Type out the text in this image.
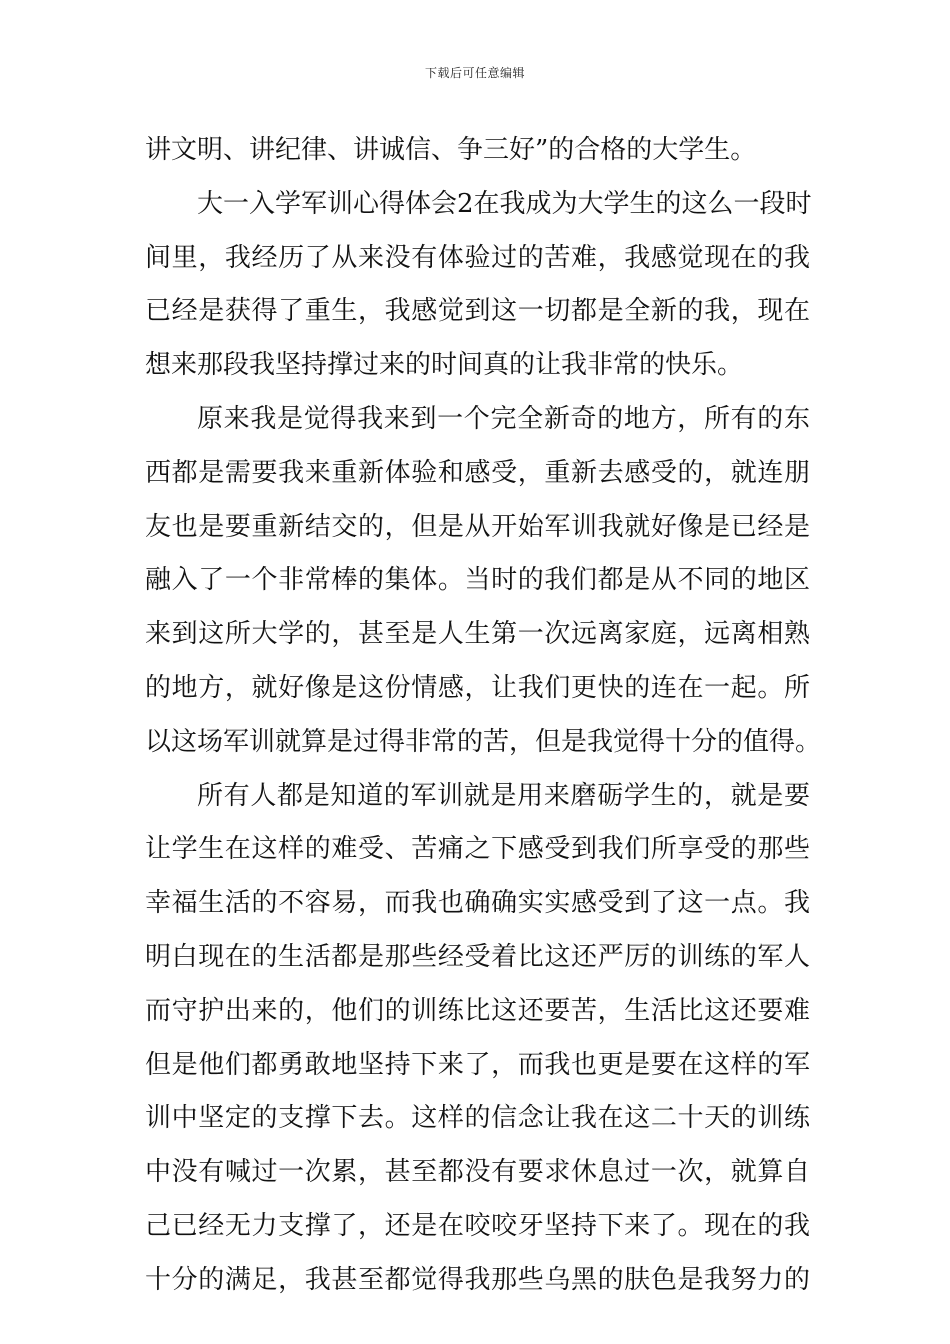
下载后可任意编辑
讲文明、讲纪律、讲诚信、争三好”的合格的大学生。
大一入学军训心得体会2在我成为大学生的这么一段时
间里，我经历了从来没有体验过的苦难，我感觉现在的我
已经是获得了重生，我感觉到这一切都是全新的我，现在
想来那段我坚持撑过来的时间真的让我非常的快乐。
原来我是觉得我来到一个完全新奇的地方，所有的东
西都是需要我来重新体验和感受，重新去感受的，就连朋
友也是要重新结交的，但是从开始军训我就好像是已经是
融入了一个非常棒的集体。当时的我们都是从不同的地区
来到这所大学的，甚至是人生第一次远离家庭，远离相熟
的地方，就好像是这份情感，让我们更快的连在一起。所
以这场军训就算是过得非常的苦，但是我觉得十分的值得。
所有人都是知道的军训就是用来磨砺学生的，就是要
让学生在这样的难受、苦痛之下感受到我们所享受的那些
幸福生活的不容易，而我也确确实实感受到了这一点。我
明白现在的生活都是那些经受着比这还严厉的训练的军人
而守护出来的，他们的训练比这还要苦，生活比这还要难
但是他们都勇敢地坚持下来了，而我也更是要在这样的军
训中坚定的支撑下去。这样的信念让我在这二十天的训练
中没有喊过一次累，甚至都没有要求休息过一次，就算自
己已经无力支撑了，还是在咬咬牙坚持下来了。现在的我
十分的满足，我甚至都觉得我那些乌黑的肤色是我努力的
